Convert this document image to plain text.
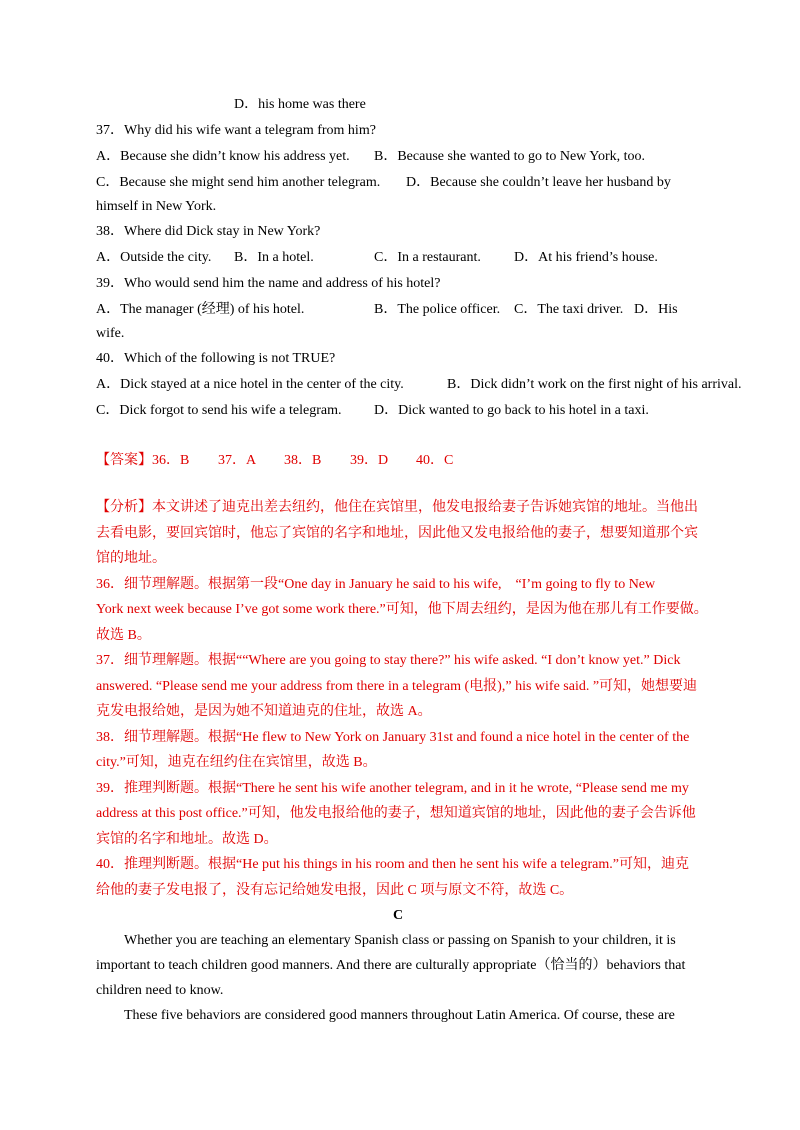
D．his home was there
37．Why did his wife want a telegram from him?
A．Because she didn’t know his address yet. B．Because she wanted to go to New York, too.
C．Because she might send him another telegram. D．Because she couldn’t leave her husband by
himself in New York.
38．Where did Dick stay in New York?
A．Outside the city. B．In a hotel.	C．In a restaurant. D．At his friend’s house.
39．Who would send him the name and address of his hotel?
A．The manager (经理) of his hotel.	B．The police officer. C．The taxi driver. D．His
wife.
40．Which of the following is not TRUE?
A．Dick stayed at a nice hotel in the center of the city.	B．Dick didn’t work on the first night of his arrival.
C．Dick forgot to send his wife a telegram. D．Dick wanted to go back to his hotel in a taxi.
【答案】 36．B 37．A 38．B 39．D 40．C
【分析】本文讲述了迪克出差去纽约，他住在宾馆里，他发电报给妻子告诉她宾馆的地址。当他出
去看电影，要回宾馆时，他忘了宾馆的名字和地址，因此他又发电报给他的妻子，想要知道那个宾
馆的地址。
36．细节理解题。根据第一段“One day in January he said to his wife,　“I’m going to fly to New
York next week because I’ve got some work there.”可知，他下周去纽约，是因为他在那儿有工作要做。
故选 B。
37．细节理解题。根据““Where are you going to stay there?” his wife asked. “I don’t know yet.” Dick
answered. “Please send me your address from there in a telegram (电报),” his wife said. ”可知，她想要迪
克发电报给她，是因为她不知道迪克的住址，故选 A。
38．细节理解题。根据“He flew to New York on January 31st and found a nice hotel in the center of the
city.”可知，迪克在纽约住在宾馆里，故选 B。
39．推理判断题。根据“There he sent his wife another telegram, and in it he wrote, “Please send me my
address at this post office.”可知，他发电报给他的妻子，想知道宾馆的地址，因此他的妻子会告诉他
宾馆的名字和地址。故选 D。
40．推理判断题。根据“He put his things in his room and then he sent his wife a telegram.”可知，迪克
给他的妻子发电报了，没有忘记给她发电报，因此 C 项与原文不符，故选 C。
C
Whether you are teaching an elementary Spanish class or passing on Spanish to your children, it is
important to teach children good manners. And there are culturally appropriate（恰当的）behaviors that
children need to know.
These five behaviors are considered good manners throughout Latin America. Of course, these are
